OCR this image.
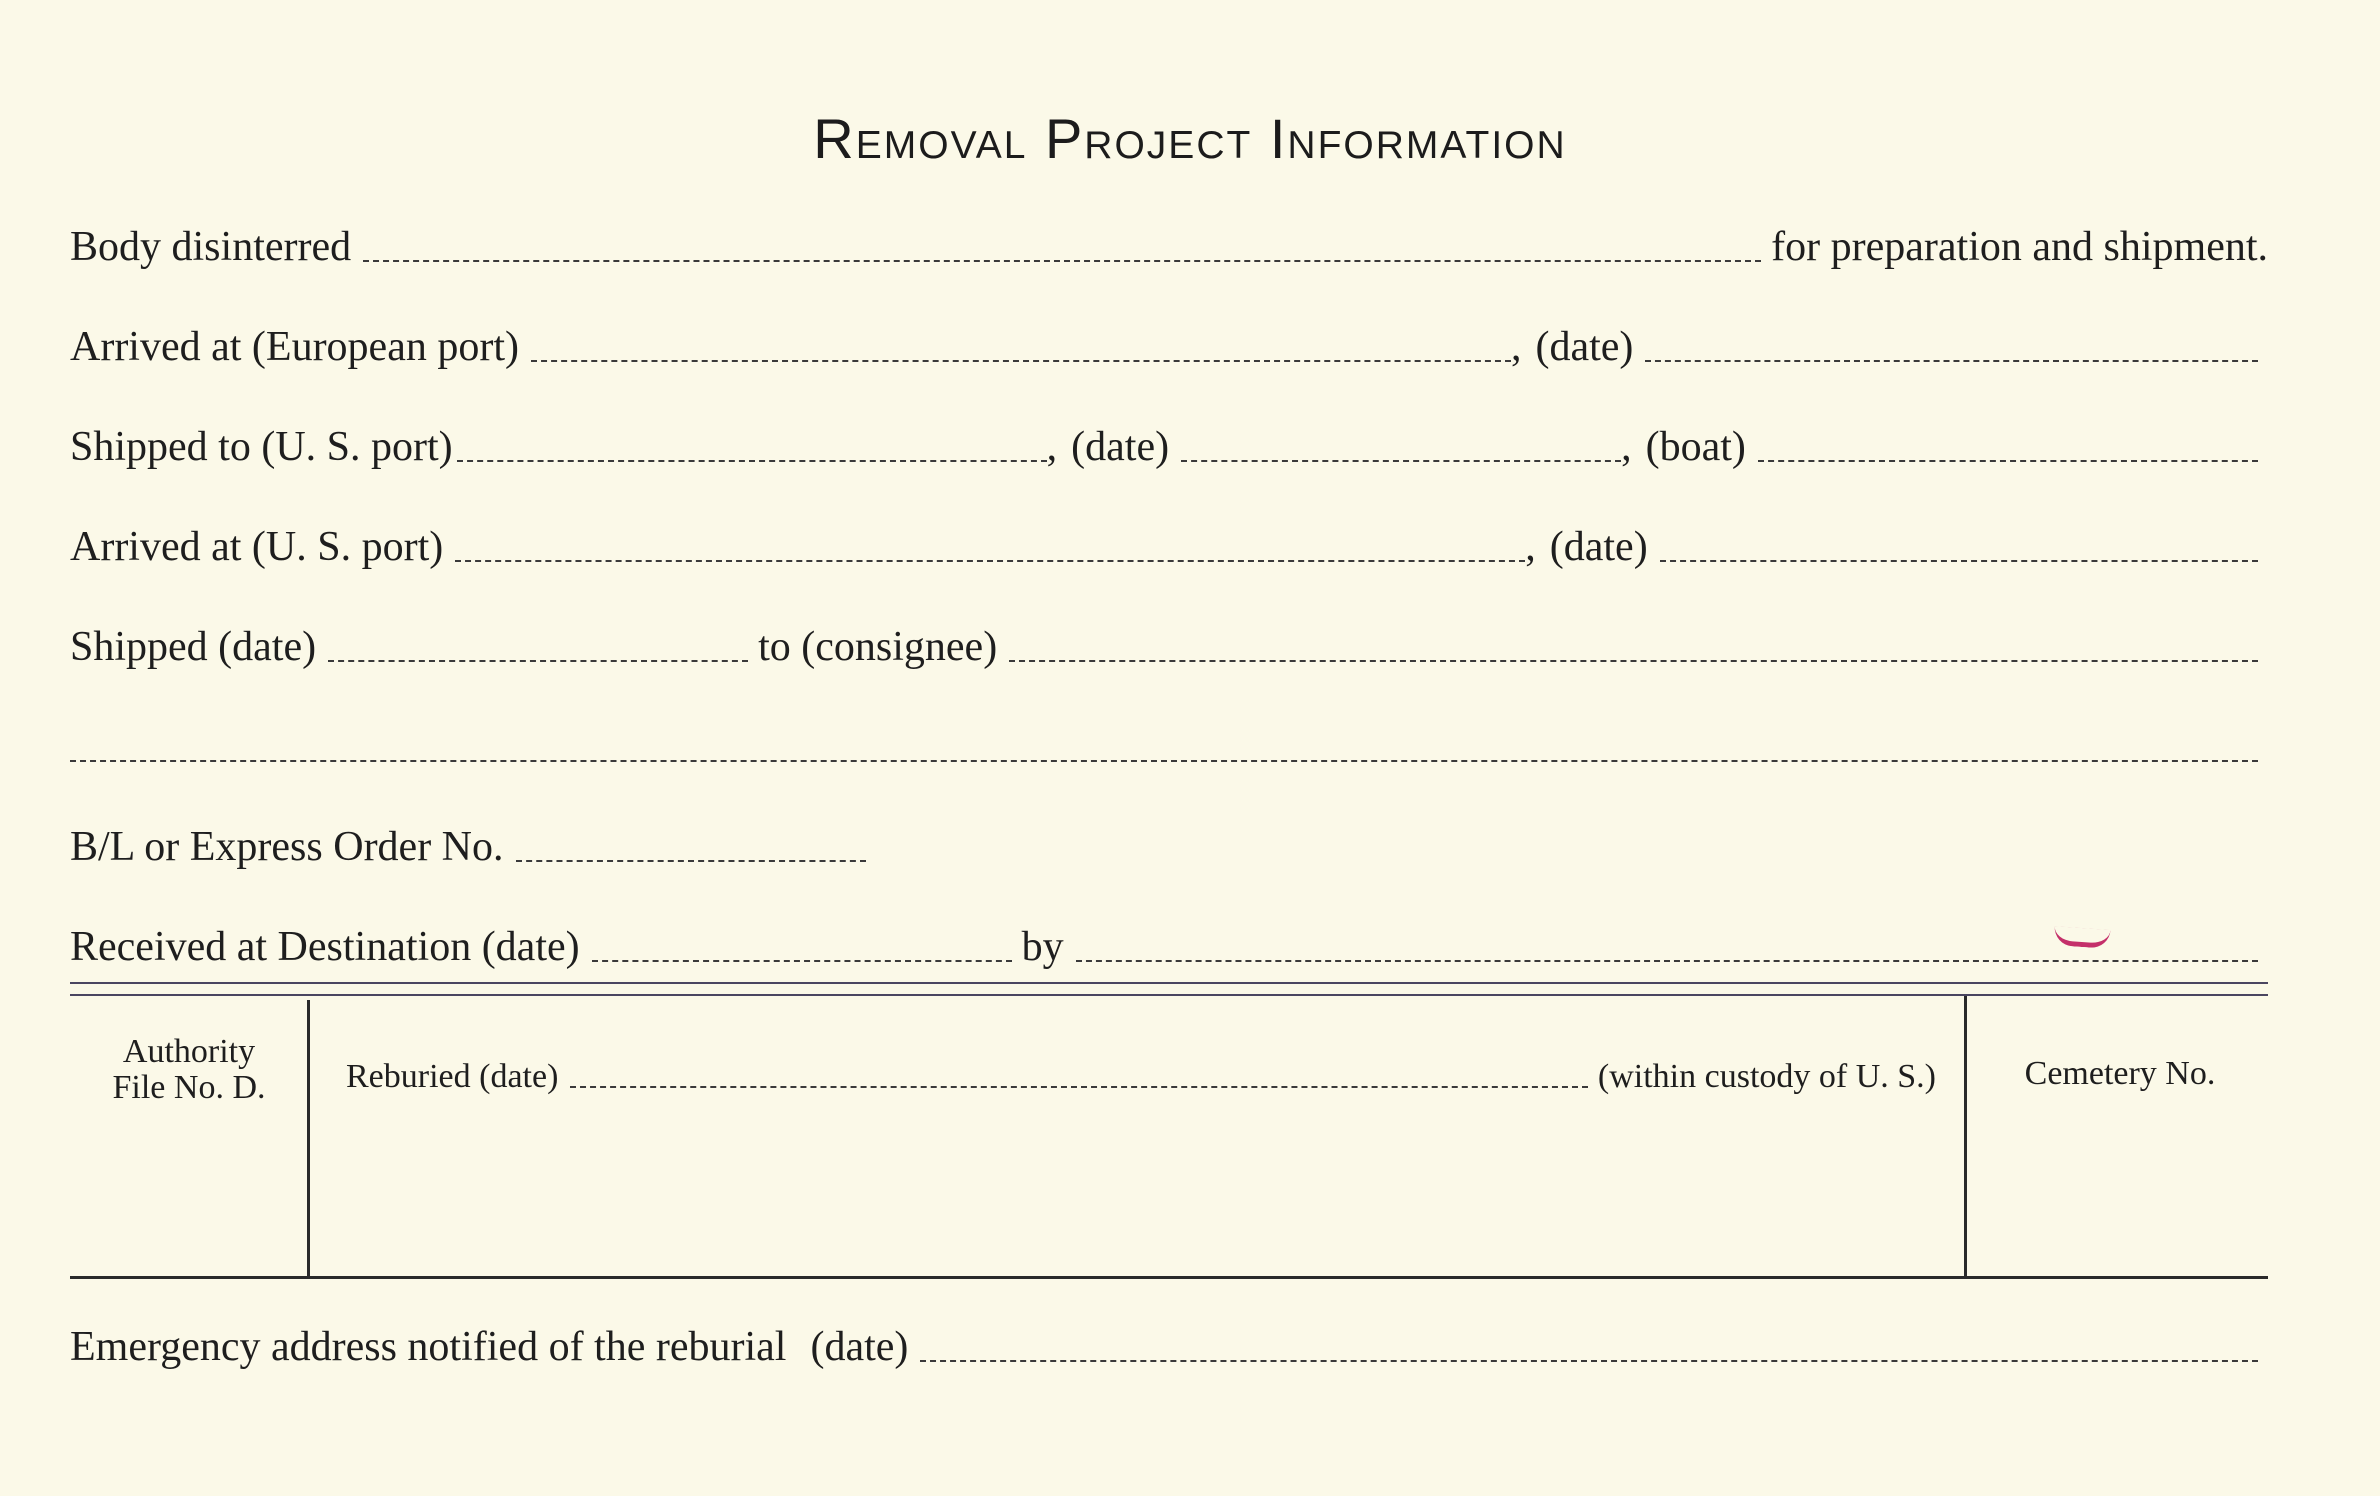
Removal Project Information
Body disinterred	for preparation and shipment.
Arrived at (European port)	, (date)
Shipped to (U. S. port)	, (date)	, (boat)
Arrived at (U. S. port)	, (date)
Shipped (date)	to (consignee)
B/L or Express Order No.
Received at Destination (date)	by
Authority
File No. D.	Reburied (date)	(within custody of U. S.)	Cemetery No.
Emergency address notified of the reburial (date)
